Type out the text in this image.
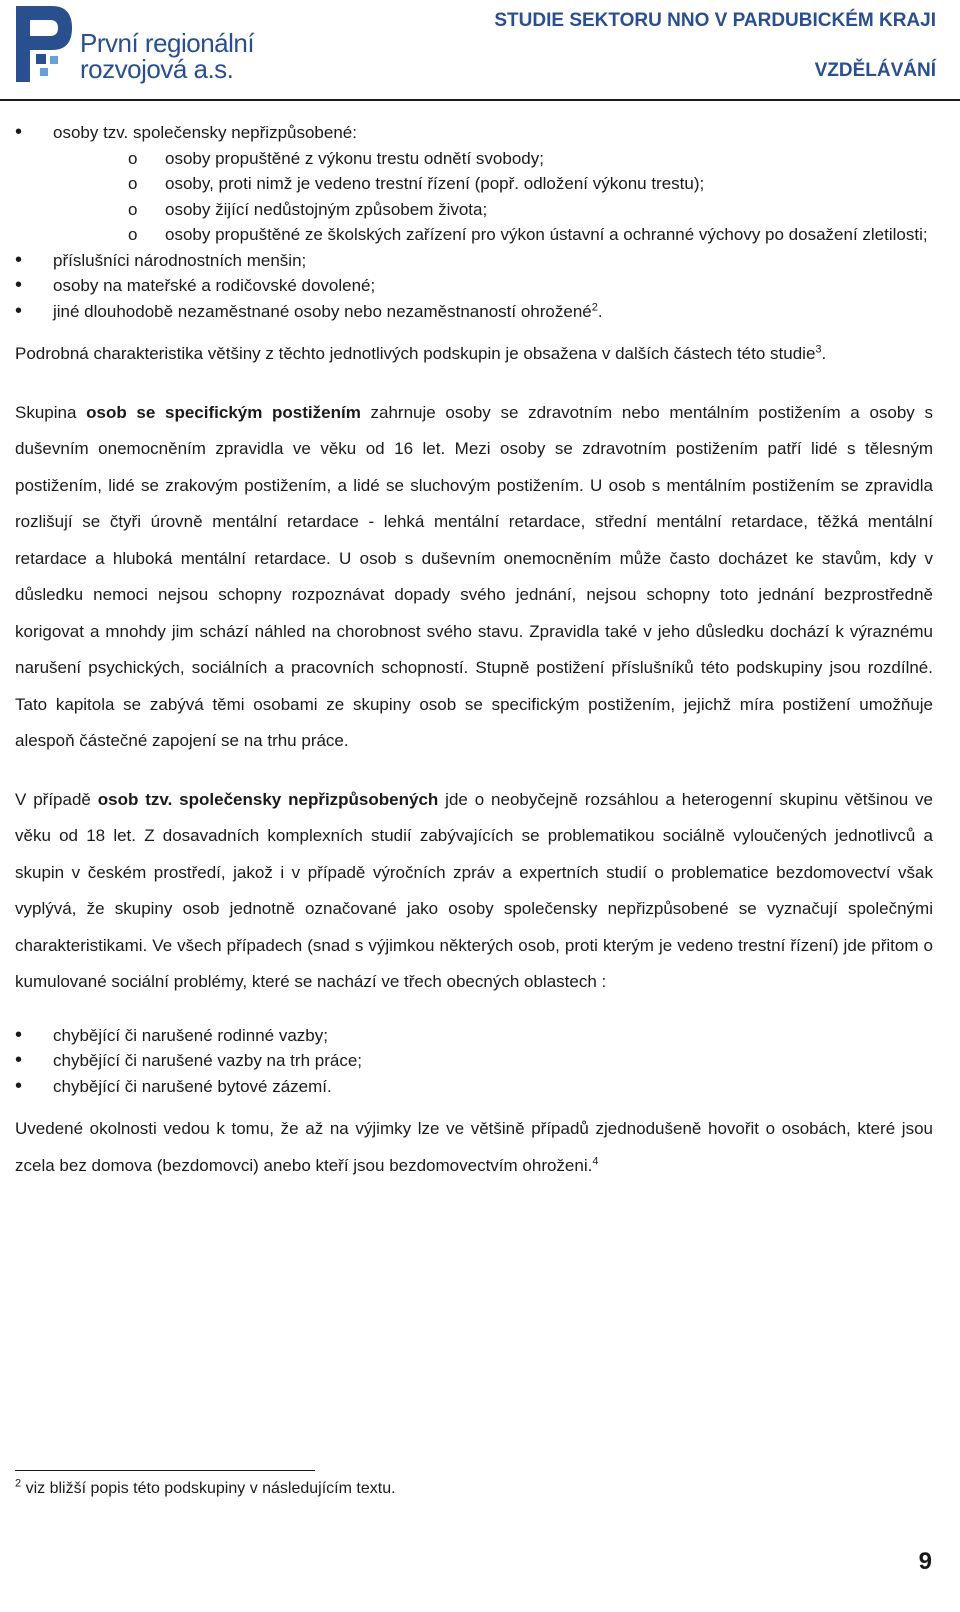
První regionální
rozvojová a.s.
STUDIE SEKTORU NNO V PARDUBICKÉM KRAJI
VZDĚLÁVÁNÍ
• osoby tzv. společensky nepřizpůsobené:
o osoby propuštěné z výkonu trestu odnětí svobody;
o osoby, proti nimž je vedeno trestní řízení (popř. odložení výkonu trestu);
o osoby žijící nedůstojným způsobem života;
o osoby propuštěné ze školských zařízení pro výkon ústavní a ochranné výchovy po dosažení zletilosti;
• příslušníci národnostních menšin;
• osoby na mateřské a rodičovské dovolené;
• jiné dlouhodobě nezaměstnané osoby nebo nezaměstnaností ohrožené$^2$.

Podrobná charakteristika většiny z těchto jednotlivých podskupin je obsažena v dalších částech této studie$^3$.

Skupina osob se specifickým postižením zahrnuje osoby se zdravotním nebo mentálním postižením a osoby s duševním onemocněním zpravidla ve věku od 16 let. Mezi osoby se zdravotním postižením patří lidé s tělesným postižením, lidé se zrakovým postižením, a lidé se sluchovým postižením. U osob s mentálním postižením se zpravidla rozlišují se čtyři úrovně mentální retardace - lehká mentální retardace, střední mentální retardace, těžká mentální retardace a hluboká mentální retardace. U osob s duševním onemocněním může často docházet ke stavům, kdy v důsledku nemoci nejsou schopny rozpoznávat dopady svého jednání, nejsou schopny toto jednání bezprostředně korigovat a mnohdy jim schází náhled na chorobnost svého stavu. Zpravidla také v jeho důsledku dochází k výraznému narušení psychických, sociálních a pracovních schopností. Stupně postižení příslušníků této podskupiny jsou rozdílné. Tato kapitola se zabývá těmi osobami ze skupiny osob se specifickým postižením, jejichž míra postižení umožňuje alespoň částečné zapojení se na trhu práce.

V případě osob tzv. společensky nepřizpůsobených jde o neobyčejně rozsáhlou a heterogenní skupinu většinou ve věku od 18 let. Z dosavadních komplexních studií zabývajících se problematikou sociálně vyloučených jednotlivců a skupin v českém prostředí, jakož i v případě výročních zpráv a expertních studií o problematice bezdomovectví však vyplývá, že skupiny osob jednotně označované jako osoby společensky nepřizpůsobené se vyznačují společnými charakteristikami. Ve všech případech (snad s výjimkou některých osob, proti kterým je vedeno trestní řízení) jde přitom o kumulované sociální problémy, které se nachází ve třech obecných oblastech :

• chybějící či narušené rodinné vazby;
• chybějící či narušené vazby na trh práce;
• chybějící či narušené bytové zázemí.

Uvedené okolnosti vedou k tomu, že až na výjimky lze ve většině případů zjednodušeně hovořit o osobách, které jsou zcela bez domova (bezdomovci) anebo kteří jsou bezdomovectvím ohroženi.$^4$

$^2$ viz bližší popis této podskupiny v následujícím textu.
9
